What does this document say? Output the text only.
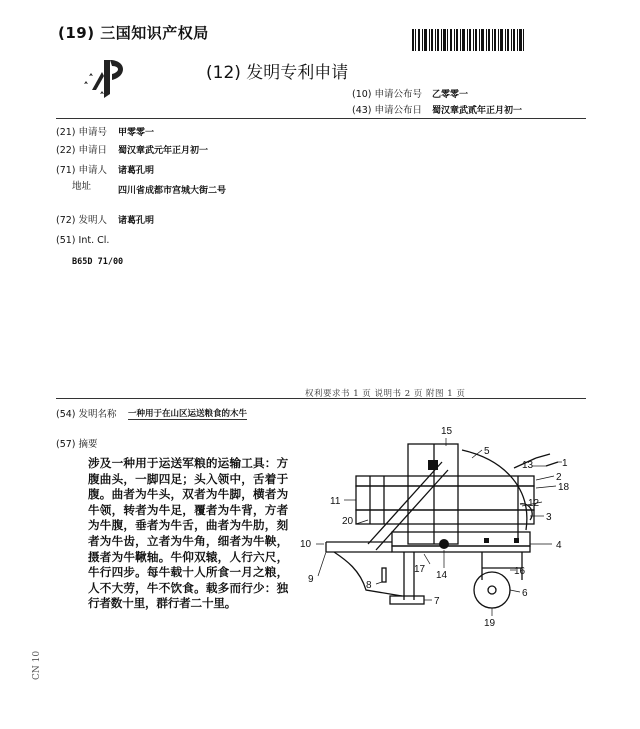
(19) 三国知识产权局
(12) 发明专利申请
(10) 申请公布号 乙零零一
(43) 申请公布日 蜀汉章武贰年正月初一
(21) 申请号 甲零零一
(22) 申请日 蜀汉章武元年正月初一
(71) 申请人 诸葛孔明
地址	四川省成都市宫城大街二号
(72) 发明人 诸葛孔明
(51) Int. Cl.
B65D 71/00
权利要求书 1 页 说明书 2 页 附图 1 页
(54) 发明名称 一种用于在山区运送粮食的木牛
(57) 摘要
涉及一种用于运送军粮的运输工具：方腹曲头，一脚四足；头入领中，舌着于腹。曲者为牛头，双者为牛脚，横者为牛领，转者为牛足，覆者为牛背，方者为牛腹，垂者为牛舌，曲者为牛肋，刻者为牛齿，立者为牛角，细者为牛鞅，摄者为牛鞦轴。牛仰双辕，人行六尺，牛行四步。每牛载十人所食一月之粮，人不大劳，牛不饮食。载多而行少：独行者数十里，群行者二十里。
15
5
13	1
2
18
11	12
3
20
10	4
14
17	16
8
9
7
6
19
CN 10
